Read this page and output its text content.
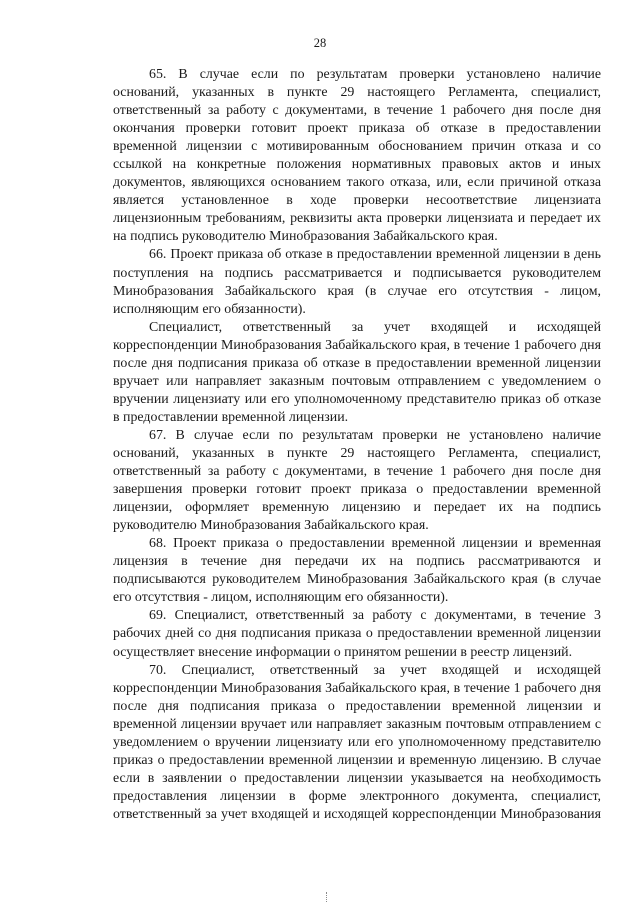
28

65. В случае если по результатам проверки установлено наличие оснований, указанных в пункте 29 настоящего Регламента, специалист, ответственный за работу с документами, в течение 1 рабочего дня после дня окончания проверки готовит проект приказа об отказе в предоставлении временной лицензии с мотивированным обоснованием причин отказа и со ссылкой на конкретные положения нормативных правовых актов и иных документов, являющихся основанием такого отказа, или, если причиной отказа является установленное в ходе проверки несоответствие лицензиата лицензионным требованиям, реквизиты акта проверки лицензиата и передает их на подпись руководителю Минобразования Забайкальского края.

66. Проект приказа об отказе в предоставлении временной лицензии в день поступления на подпись рассматривается и подписывается руководителем Минобразования Забайкальского края (в случае его отсутствия - лицом, исполняющим его обязанности).

Специалист, ответственный за учет входящей и исходящей корреспонденции Минобразования Забайкальского края, в течение 1 рабочего дня после дня подписания приказа об отказе в предоставлении временной лицензии вручает или направляет заказным почтовым отправлением с уведомлением о вручении лицензиату или его уполномоченному представителю приказ об отказе в предоставлении временной лицензии.

67. В случае если по результатам проверки не установлено наличие оснований, указанных в пункте 29 настоящего Регламента, специалист, ответственный за работу с документами, в течение 1 рабочего дня после дня завершения проверки готовит проект приказа о предоставлении временной лицензии, оформляет временную лицензию и передает их на подпись руководителю Минобразования Забайкальского края.

68. Проект приказа о предоставлении временной лицензии и временная лицензия в течение дня передачи их на подпись рассматриваются и подписываются руководителем Минобразования Забайкальского края (в случае его отсутствия - лицом, исполняющим его обязанности).

69. Специалист, ответственный за работу с документами, в течение 3 рабочих дней со дня подписания приказа о предоставлении временной лицензии осуществляет внесение информации о принятом решении в реестр лицензий.

70. Специалист, ответственный за учет входящей и исходящей корреспонденции Минобразования Забайкальского края, в течение 1 рабочего дня после дня подписания приказа о предоставлении временной лицензии и временной лицензии вручает или направляет заказным почтовым отправлением с уведомлением о вручении лицензиату или его уполномоченному представителю приказ о предоставлении временной лицензии и временную лицензию. В случае если в заявлении о предоставлении лицензии указывается на необходимость предоставления лицензии в форме электронного документа, специалист, ответственный за учет входящей и исходящей корреспонденции Минобразования
